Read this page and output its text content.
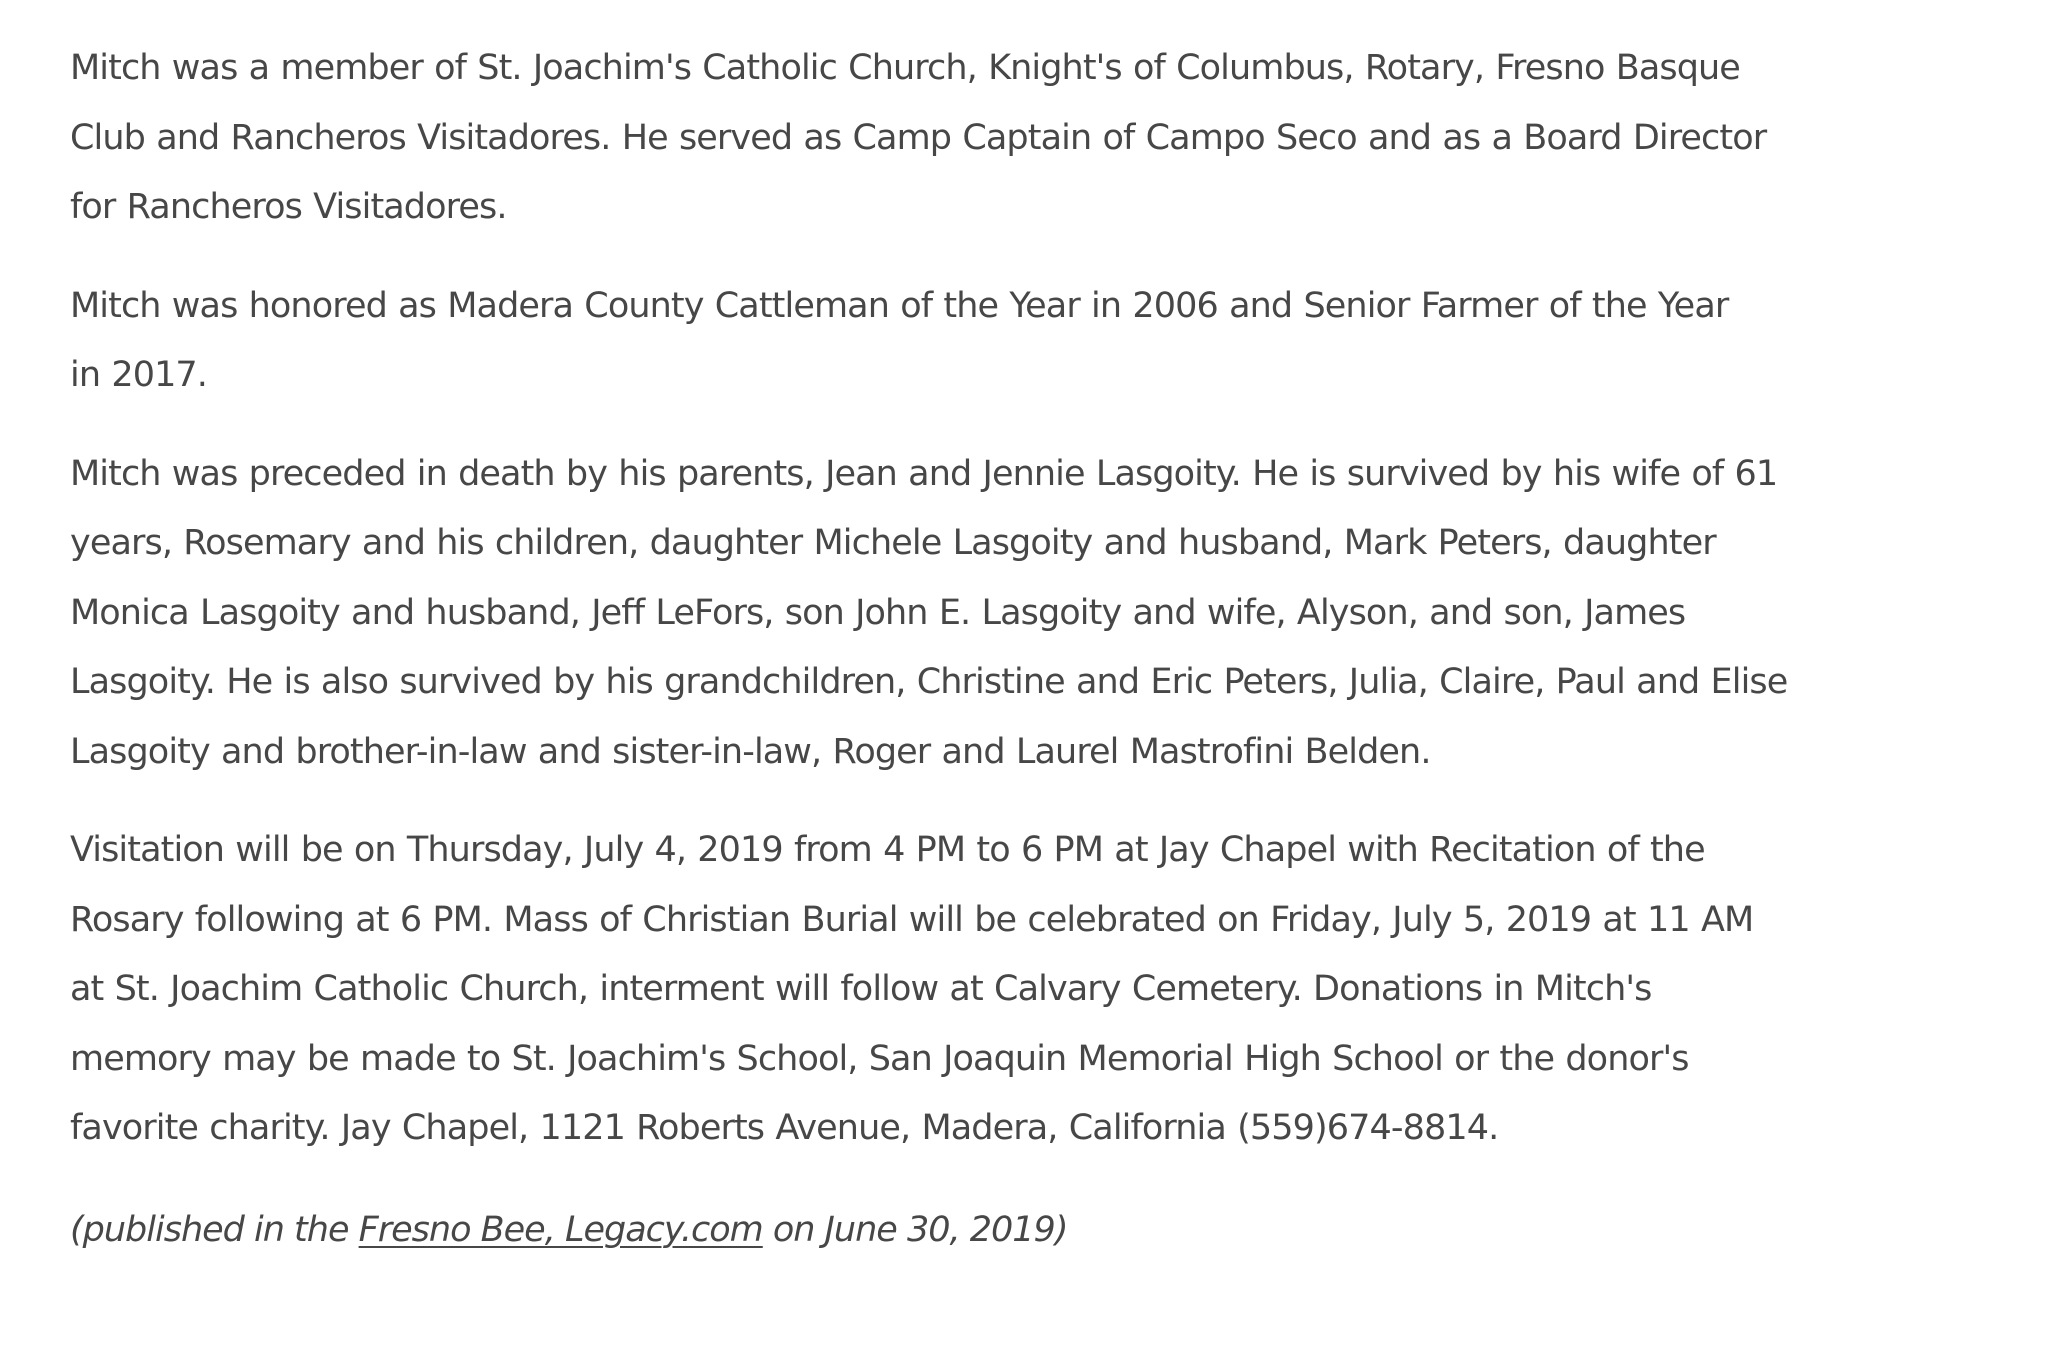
Mitch was a member of St. Joachim's Catholic Church, Knight's of Columbus, Rotary, Fresno Basque
Club and Rancheros Visitadores. He served as Camp Captain of Campo Seco and as a Board Director
for Rancheros Visitadores.

Mitch was honored as Madera County Cattleman of the Year in 2006 and Senior Farmer of the Year
in 2017.

Mitch was preceded in death by his parents, Jean and Jennie Lasgoity. He is survived by his wife of 61
years, Rosemary and his children, daughter Michele Lasgoity and husband, Mark Peters, daughter
Monica Lasgoity and husband, Jeff LeFors, son John E. Lasgoity and wife, Alyson, and son, James
Lasgoity. He is also survived by his grandchildren, Christine and Eric Peters, Julia, Claire, Paul and Elise
Lasgoity and brother-in-law and sister-in-law, Roger and Laurel Mastrofini Belden.

Visitation will be on Thursday, July 4, 2019 from 4 PM to 6 PM at Jay Chapel with Recitation of the
Rosary following at 6 PM. Mass of Christian Burial will be celebrated on Friday, July 5, 2019 at 11 AM
at St. Joachim Catholic Church, interment will follow at Calvary Cemetery. Donations in Mitch's
memory may be made to St. Joachim's School, San Joaquin Memorial High School or the donor's
favorite charity. Jay Chapel, 1121 Roberts Avenue, Madera, California (559)674-8814.

(published in the Fresno Bee, Legacy.com on June 30, 2019)
